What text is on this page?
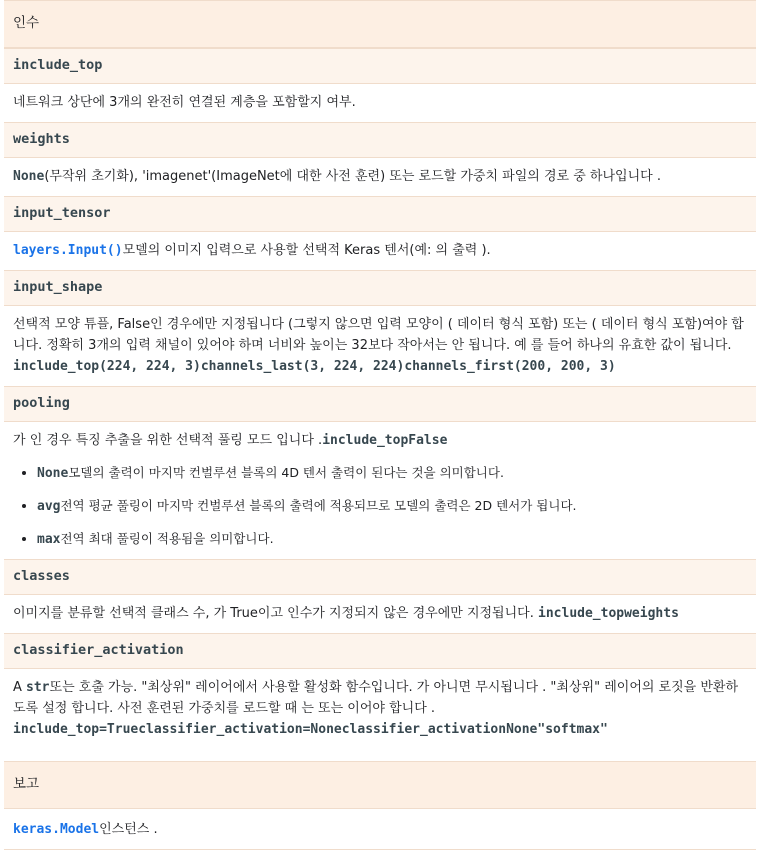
인수
include_top
네트워크 상단에 3개의 완전히 연결된 계층을 포함할지 여부.
weights
None(무작위 초기화), 'imagenet'(ImageNet에 대한 사전 훈련) 또는 로드할 가중치 파일의 경로 중 하나입니다 .
input_tensor
layers.Input()모델의 이미지 입력으로 사용할 선택적 Keras 텐서(예: 의 출력 ).
input_shape
선택적 모양 튜플, False인 경우에만 지정됩니다 (그렇지 않으면 입력 모양이 ( 데이터 형식 포함) 또는 ( 데이터 형식 포함)여야 합니다. 정확히 3개의 입력 채널이 있어야 하며 너비와 높이는 32보다 작아서는 안 됩니다. 예 를 들어 하나의 유효한 값이 됩니다. include_top(224, 224, 3)channels_last(3, 224, 224)channels_first(200, 200, 3)
pooling
가 인 경우 특징 추출을 위한 선택적 풀링 모드 입니다 .include_topFalse
• None모델의 출력이 마지막 컨벌루션 블록의 4D 텐서 출력이 된다는 것을 의미합니다.
• avg전역 평균 풀링이 마지막 컨벌루션 블록의 출력에 적용되므로 모델의 출력은 2D 텐서가 됩니다.
• max전역 최대 풀링이 적용됨을 의미합니다.
classes
이미지를 분류할 선택적 클래스 수, 가 True이고 인수가 지정되지 않은 경우에만 지정됩니다. include_topweights
classifier_activation
A str또는 호출 가능. "최상위" 레이어에서 사용할 활성화 함수입니다. 가 아니면 무시됩니다 . "최상위" 레이어의 로짓을 반환하도록 설정 합니다. 사전 훈련된 가중치를 로드할 때 는 또는 이어야 합니다 . include_top=Trueclassifier_activation=Noneclassifier_activationNone"softmax"
보고
keras.Model인스턴스 .
